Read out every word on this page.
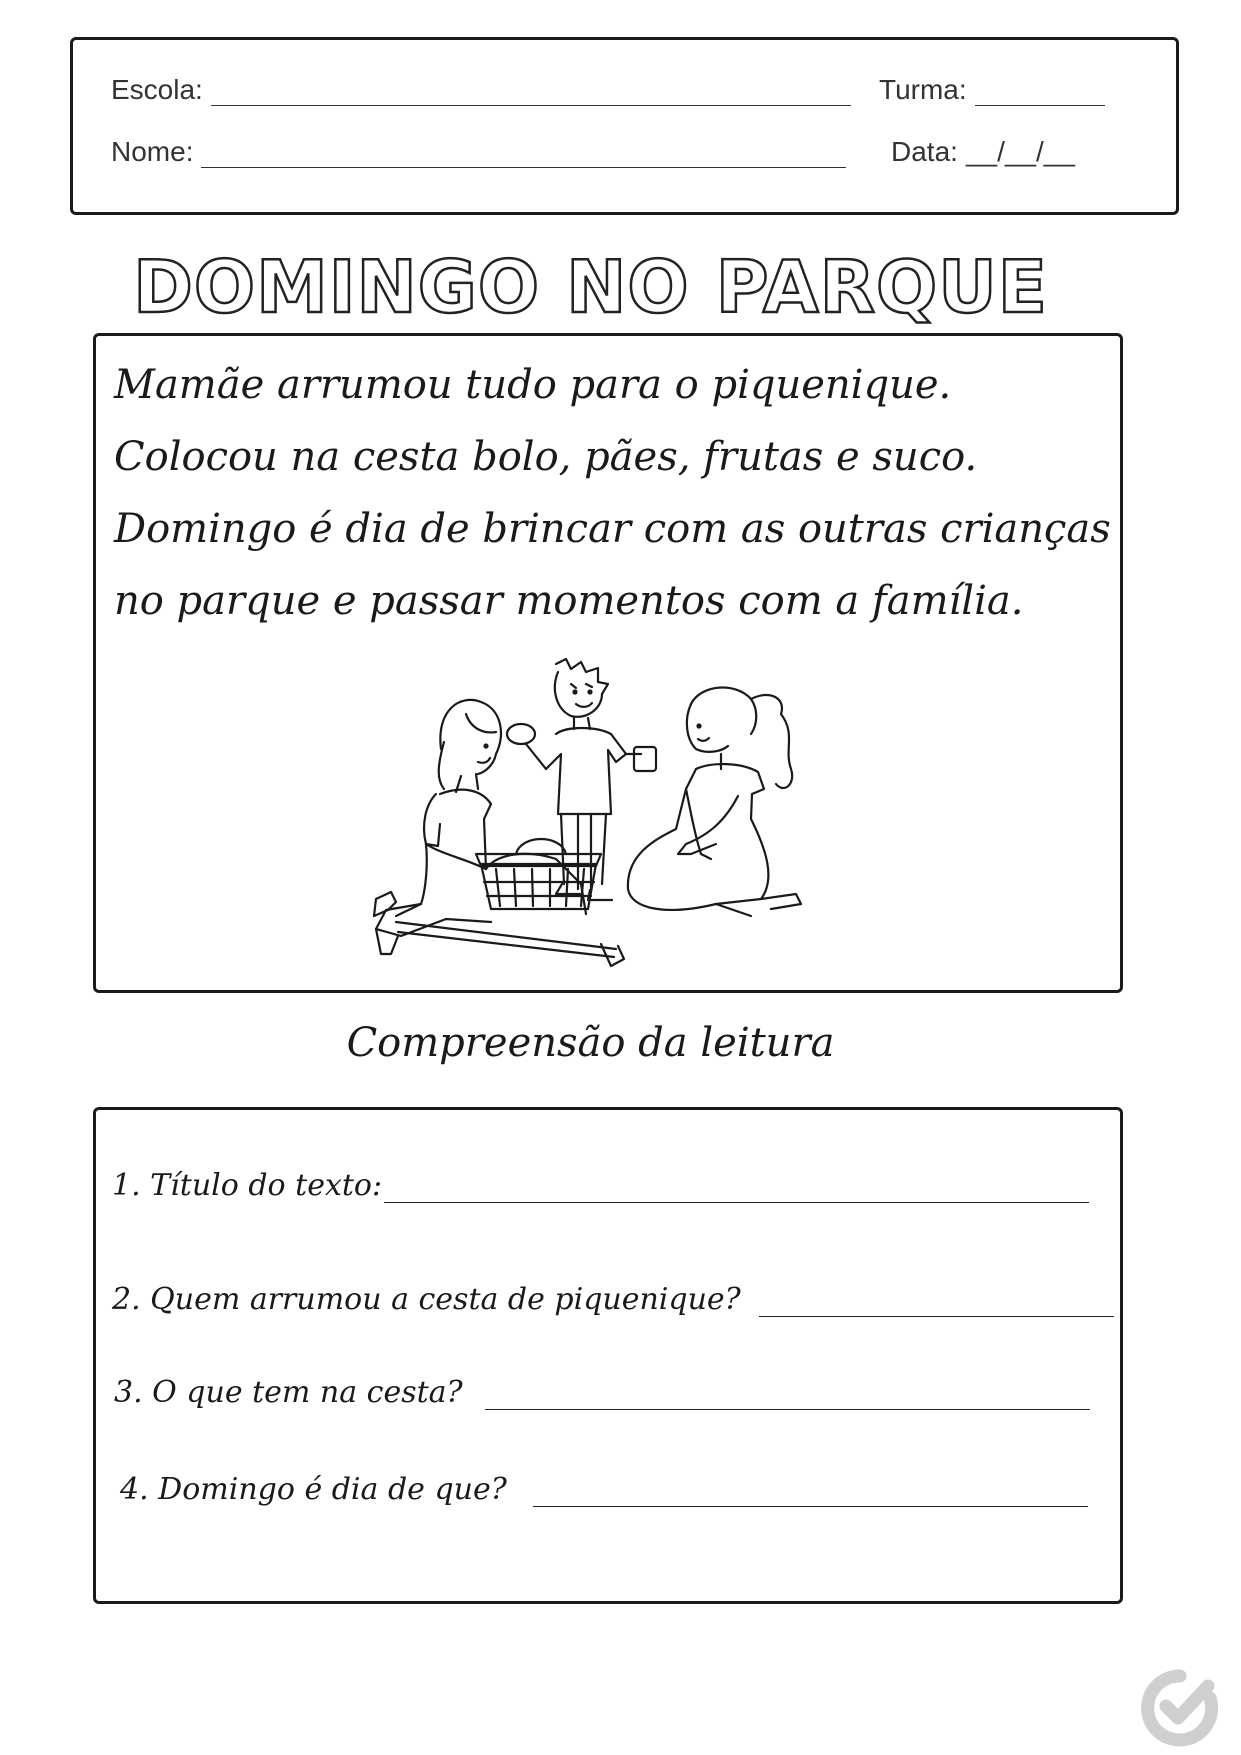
Escola:	Turma:
Nome:	Data: __/__/__
DOMINGO NO PARQUE
Mamãe arrumou tudo para o piquenique.
Colocou na cesta bolo, pães, frutas e suco.
Domingo é dia de brincar com as outras crianças
no parque e passar momentos com a família.
Compreensão da leitura
1. Título do texto:
2. Quem arrumou a cesta de piquenique?
3. O que tem na cesta?
4. Domingo é dia de que?
